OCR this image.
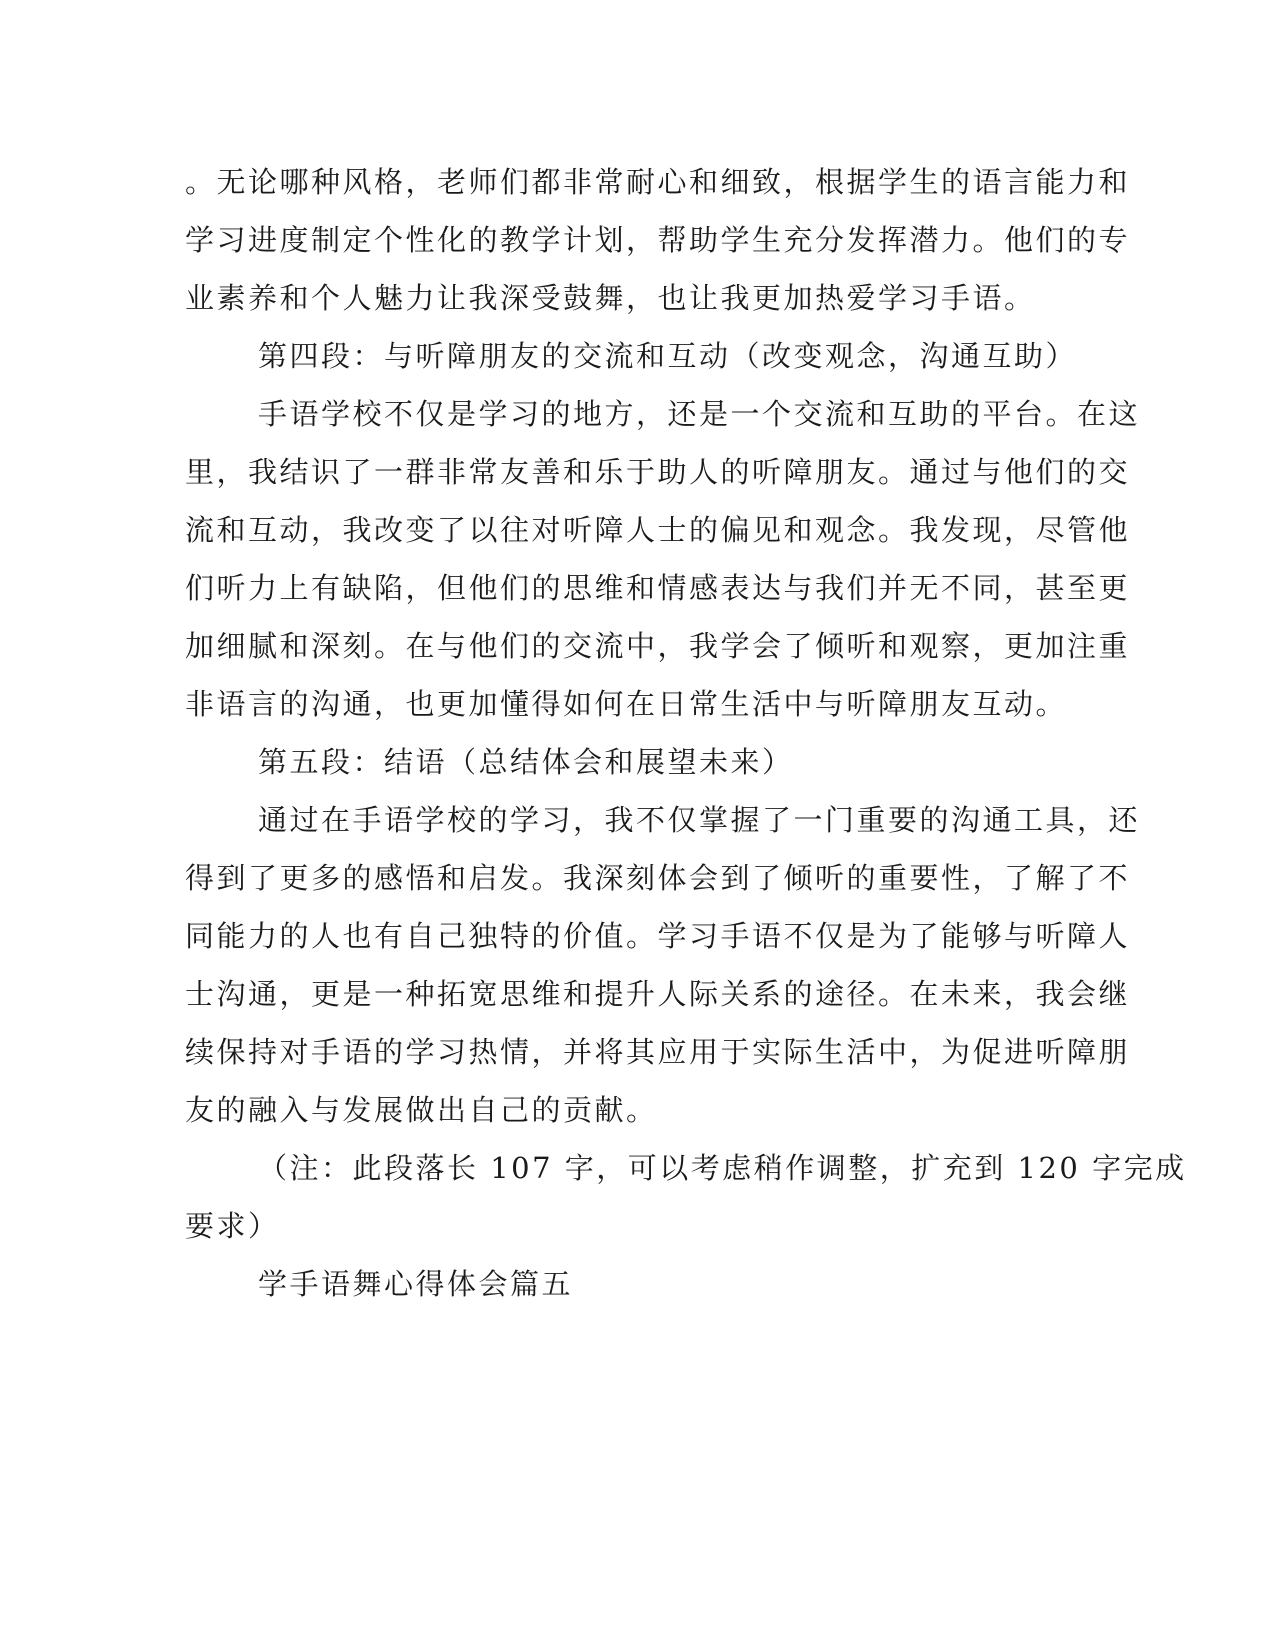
。无论哪种风格，老师们都非常耐心和细致，根据学生的语言能力和
学习进度制定个性化的教学计划，帮助学生充分发挥潜力。他们的专
业素养和个人魅力让我深受鼓舞，也让我更加热爱学习手语。
第四段：与听障朋友的交流和互动（改变观念，沟通互助）
手语学校不仅是学习的地方，还是一个交流和互助的平台。在这
里，我结识了一群非常友善和乐于助人的听障朋友。通过与他们的交
流和互动，我改变了以往对听障人士的偏见和观念。我发现，尽管他
们听力上有缺陷，但他们的思维和情感表达与我们并无不同，甚至更
加细腻和深刻。在与他们的交流中，我学会了倾听和观察，更加注重
非语言的沟通，也更加懂得如何在日常生活中与听障朋友互动。
第五段：结语（总结体会和展望未来）
通过在手语学校的学习，我不仅掌握了一门重要的沟通工具，还
得到了更多的感悟和启发。我深刻体会到了倾听的重要性，了解了不
同能力的人也有自己独特的价值。学习手语不仅是为了能够与听障人
士沟通，更是一种拓宽思维和提升人际关系的途径。在未来，我会继
续保持对手语的学习热情，并将其应用于实际生活中，为促进听障朋
友的融入与发展做出自己的贡献。
（注：此段落长 107 字，可以考虑稍作调整，扩充到 120 字完成
要求）
学手语舞心得体会篇五
